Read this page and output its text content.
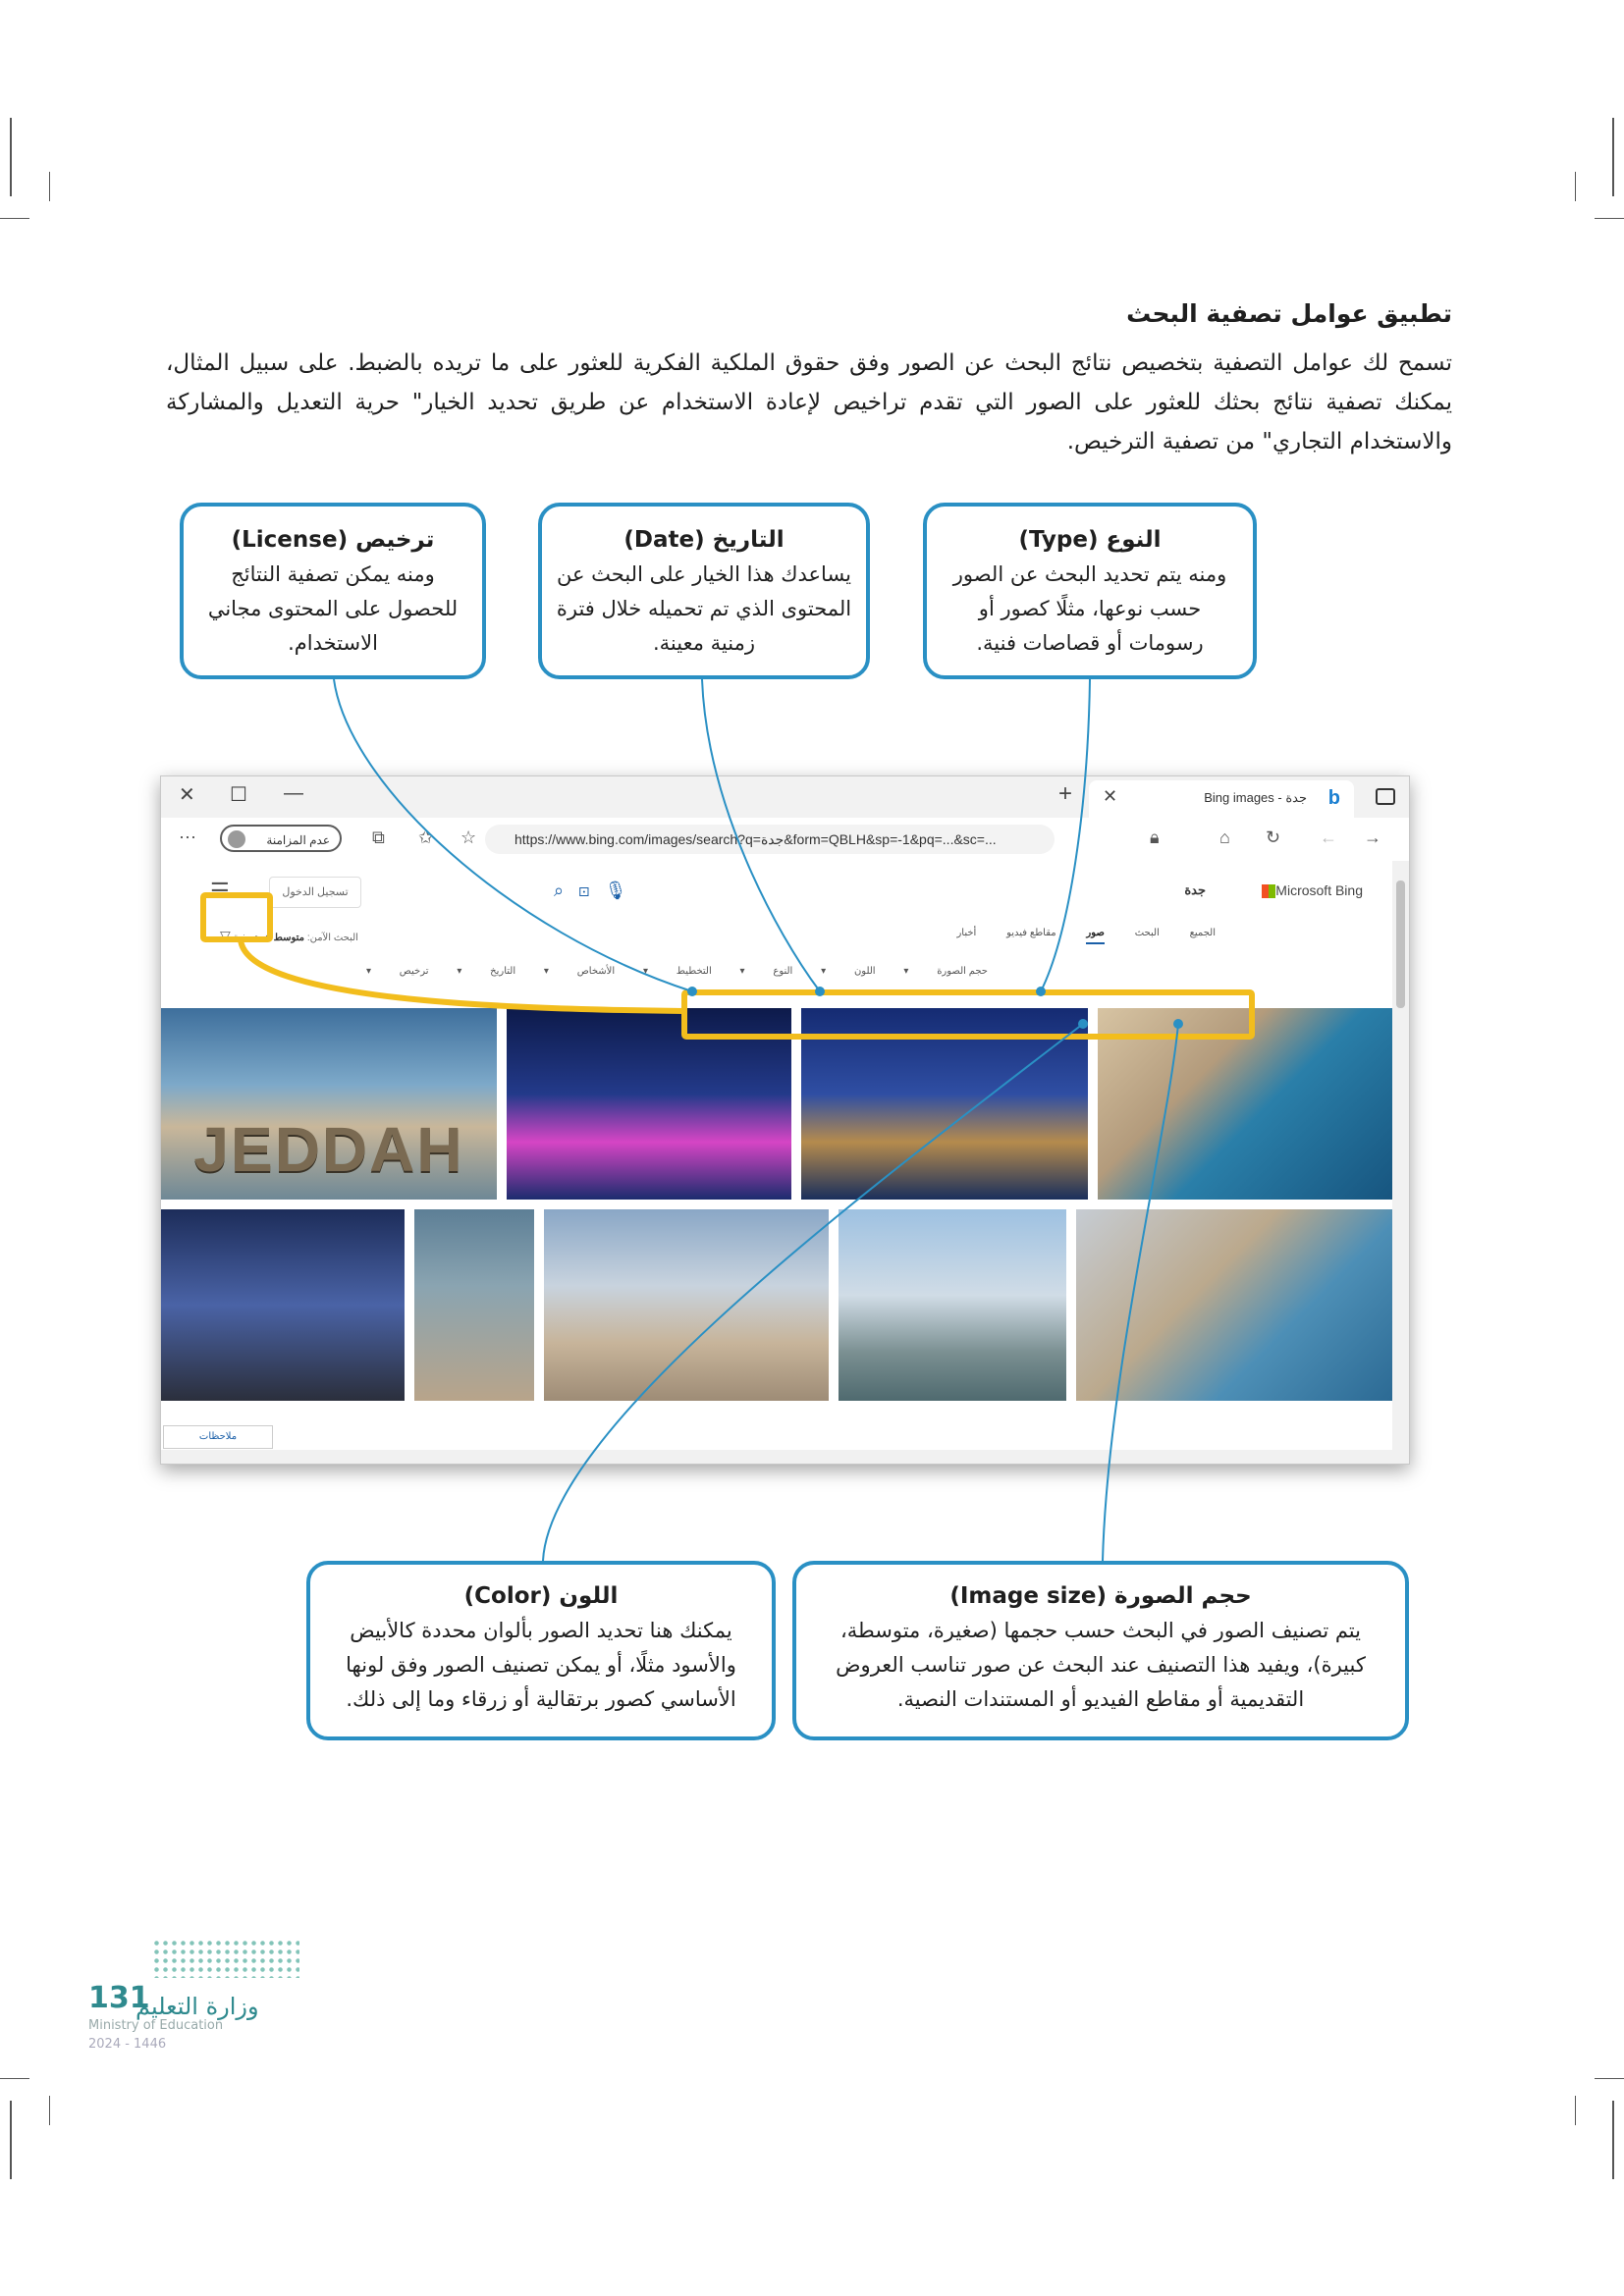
تطبيق عوامل تصفية البحث

تسمح لك عوامل التصفية بتخصيص نتائج البحث عن الصور وفق حقوق الملكية الفكرية للعثور على ما تريده بالضبط. على سبيل المثال، يمكنك تصفية نتائج بحثك للعثور على الصور التي تقدم تراخيص لإعادة الاستخدام عن طريق تحديد الخيار" حرية التعديل والمشاركة والاستخدام التجاري" من تصفية الترخيص.

ترخيص (License)

ومنه يمكن تصفية النتائج للحصول على المحتوى مجاني الاستخدام.

التاريخ (Date)

يساعدك هذا الخيار على البحث عن المحتوى الذي تم تحميله خلال فترة زمنية معينة.

النوع (Type)

ومنه يتم تحديد البحث عن الصور حسب نوعها، مثلًا كصور أو رسومات أو قصاصات فنية.

اللون (Color)

يمكنك هنا تحديد الصور بألوان محددة كالأبيض والأسود مثلًا، أو يمكن تصنيف الصور وفق لونها الأساسي كصور برتقالية أو زرقاء وما إلى ذلك.

حجم الصورة (Image size)

يتم تصنيف الصور في البحث حسب حجمها (صغيرة، متوسطة، كبيرة)، ويفيد هذا التصنيف عند البحث عن صور تناسب العروض التقديمية أو مقاطع الفيديو أو المستندات النصية.

✕ ☐ —	+ ✕	Bing images - جدة b
⋯	عدم المزامنة	⧉ ✩ ☆	https://www.bing.com/images/search?q=جدة&form=QBLH&sp=-1&pq=...&sc=...	🔒︎	⌂ ↻ ← →
Microsoft Bing
جدة
⌕ ⊡ 🎙︎
تسجيل الدخول
☰
الجميع البحث صور مقاطع فيديو أخبار
البحث الآمن: متوسط ▾   تصفية ▽
حجم الصورة ▾ اللون ▾ النوع ▾ التخطيط ▾ الأشخاص ▾ التاريخ ▾ ترخيص ▾
JEDDAH
ملاحظات
131
وزارة التعليم
Ministry of Education
2024 - 1446
